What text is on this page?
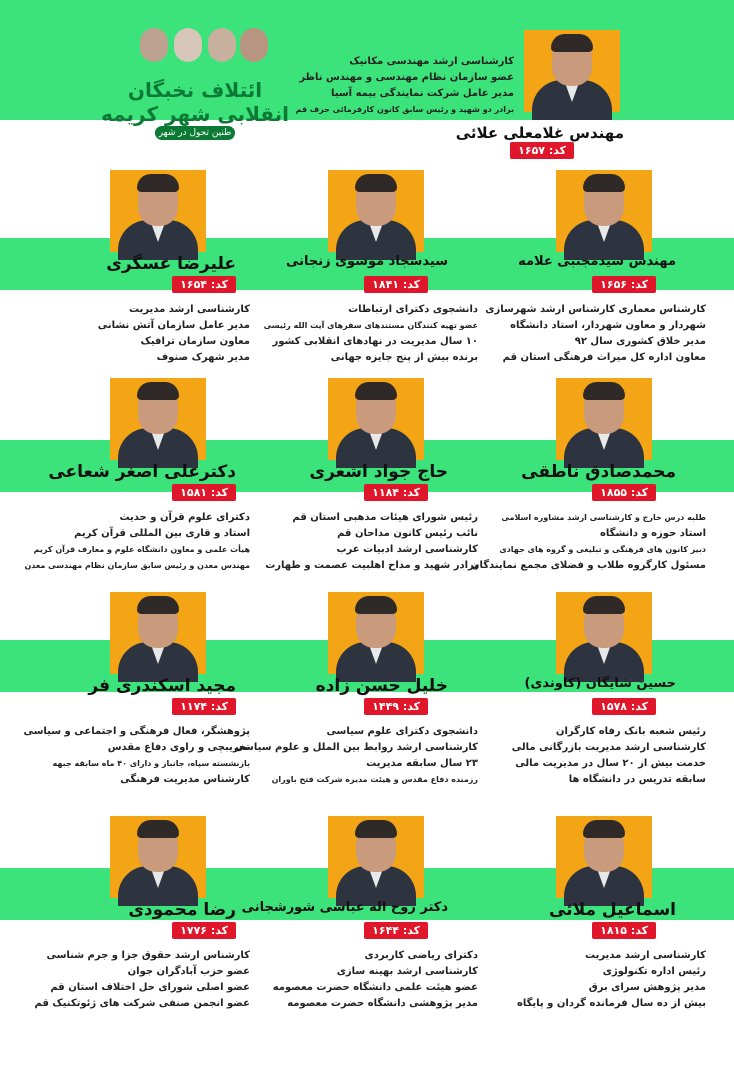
ائتلاف نخبگان انقلابی شهر کریمه
طنین تحول در شهر	مهندس غلامعلی علائی
کد: ۱۶۵۷
کارشناسی ارشد مهندسی مکانیک
عضو سازمان نظام مهندسی و مهندس ناظر
مدیر عامل شرکت نمایندگی بیمه آسیا
برادر دو شهید و رئیس سابق کانون کارفرمائی حرف قم
مهندس سیدمجتبی علامه
کد: ۱۶۵۶
کارشناس معماری کارشناس ارشد شهرسازی
شهردار و معاون شهردار، استاد دانشگاه
مدیر خلاق کشوری سال ۹۲
معاون اداره کل میراث فرهنگی استان قم
سیدسجاد موسوی زنجانی
کد: ۱۸۴۱
دانشجوی دکترای ارتباطات
عضو تهیه کنندگان مستندهای سفرهای آیت الله رئیسی
۱۰ سال مدیریت در نهادهای انقلابی کشور
برنده بیش از پنج جایزه جهانی
علیرضا عسگری
کد: ۱۶۵۴
کارشناسی ارشد مدیریت
مدیر عامل سازمان آتش نشانی
معاون سازمان ترافیک
مدیر شهرک صنوف
محمدصادق ناطقی
کد: ۱۸۵۵
طلبه درس خارج و کارشناسی ارشد مشاوره اسلامی
استاد حوزه و دانشگاه
دبیر کانون های فرهنگی و تبلیغی و گروه های جهادی
مسئول کارگروه طلاب و فضلای مجمع نمایندگان
حاج جواد اشعری
کد: ۱۱۸۴
رئیس شورای هیئات مذهبی استان قم
نائب رئیس کانون مداحان قم
کارشناسی ارشد ادبیات عرب
برادر شهید و مداح اهلبیت عصمت و طهارت
دکترعلی اصغر شعاعی
کد: ۱۵۸۱
دکترای علوم قرآن و حدیث
استاد و قاری بین المللی قرآن کریم
هیأت علمی و معاون دانشگاه علوم و معارف قرآن کریم
مهندس معدن و رئیس سابق سازمان نظام مهندسی معدن
حسین شایگان (کاوندی)
کد: ۱۵۷۸
رئیس شعبه بانک رفاه کارگران
کارشناسی ارشد مدیریت بازرگانی مالی
خدمت بیش از ۲۰ سال در مدیریت مالی
سابقه تدریس در دانشگاه ها
خلیل حسن زاده
کد: ۱۴۴۹
دانشجوی دکترای علوم سیاسی
کارشناسی ارشد روابط بین الملل و علوم سیاسی
۲۳ سال سابقه مدیریت
رزمنده دفاع مقدس و هیئت مدیره شرکت فتح باوران
مجید اسکندری فر
کد: ۱۱۷۴
پژوهشگر، فعال فرهنگی و اجتماعی و سیاسی
تخریبچی و راوی دفاع مقدس
بازنشسته سپاه، جانباز و دارای ۴۰ ماه سابقه جبهه
کارشناس مدیریت فرهنگی
اسماعیل ملائی
کد: ۱۸۱۵
کارشناسی ارشد مدیریت
رئیس اداره تکنولوژی
مدیر پژوهش سرای برق
بیش از ده سال فرمانده گردان و پایگاه
دکتر روح اله عباسی شورشجانی
کد: ۱۶۴۴
دکترای ریاضی کاربردی
کارشناسی ارشد بهینه سازی
عضو هیئت علمی دانشگاه حضرت معصومه
مدیر پژوهشی دانشگاه حضرت معصومه
رضا محمودی
کد: ۱۷۷۶
کارشناس ارشد حقوق جزا و جرم شناسی
عضو حزب آبادگران جوان
عضو اصلی شورای حل اختلاف استان قم
عضو انجمن صنفی شرکت های ژئوتکنیک قم
